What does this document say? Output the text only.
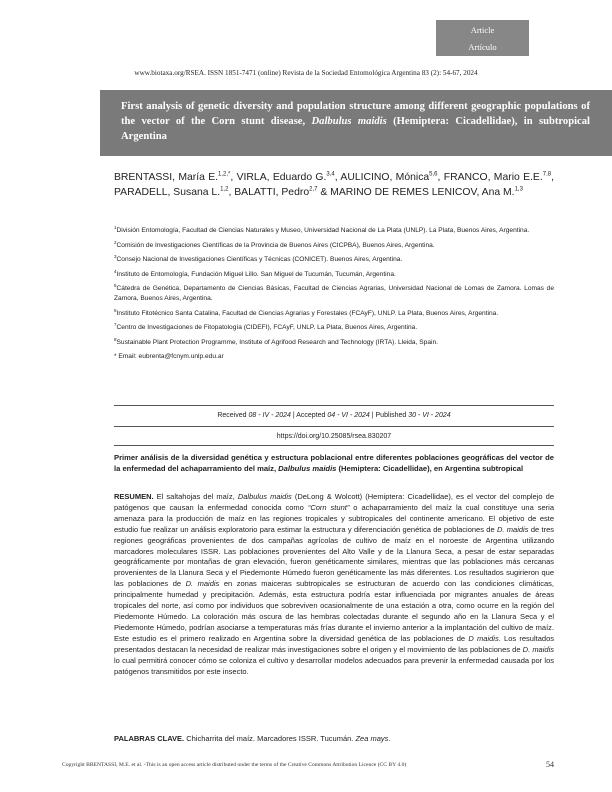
Article
Artículo
www.biotaxa.org/RSEA. ISSN 1851-7471 (online) Revista de la Sociedad Entomológica Argentina 83 (2): 54-67, 2024
First analysis of genetic diversity and population structure among different geographic populations of the vector of the Corn stunt disease, Dalbulus maidis (Hemiptera: Cicadellidae), in subtropical Argentina
BRENTASSI, María E.$^{1,2,*}$, VIRLA, Eduardo G.$^{3,4}$, AULICINO, Mónica$^{5,6}$, FRANCO, Mario E.E.$^{7,8}$, PARADELL, Susana L.$^{1,2}$, BALATTI, Pedro$^{2,7}$ & MARINO DE REMES LENICOV, Ana M.$^{1,3}$
$^1$División Entomología, Facultad de Ciencias Naturales y Museo, Universidad Nacional de La Plata (UNLP). La Plata, Buenos Aires, Argentina.
$^2$Comisión de Investigaciones Científicas de la Provincia de Buenos Aires (CICPBA), Buenos Aires, Argentina.
$^3$Consejo Nacional de Investigaciones Científicas y Técnicas (CONICET). Buenos Aires, Argentina.
$^4$Instituto de Entomología, Fundación Miguel Lillo. San Miguel de Tucumán, Tucumán, Argentina.
$^5$Cátedra de Genética, Departamento de Ciencias Básicas, Facultad de Ciencias Agrarias, Universidad Nacional de Lomas de Zamora. Lomas de Zamora, Buenos Aires, Argentina.
$^6$Instituto Fitotécnico Santa Catalina, Facultad de Ciencias Agrarias y Forestales (FCAyF), UNLP. La Plata, Buenos Aires, Argentina.
$^7$Centro de Investigaciones de Fitopatología (CIDEFI), FCAyF, UNLP. La Plata, Buenos Aires, Argentina.
$^8$Sustainable Plant Protection Programme, Institute of Agrifood Research and Technology (IRTA). Lleida, Spain.
* Email: eubrenta@fcnym.unlp.edu.ar
Received 08 - IV - 2024 | Accepted 04 - VI - 2024 | Published 30 - VI - 2024
https://doi.org/10.25085/rsea.830207
Primer análisis de la diversidad genética y estructura poblacional entre diferentes poblaciones geográficas del vector de la enfermedad del achaparramiento del maíz, Dalbulus maidis (Hemiptera: Cicadellidae), en Argentina subtropical
RESUMEN. El saltahojas del maíz, Dalbulus maidis (DeLong & Wolcott) (Hemiptera: Cicadellidae), es el vector del complejo de patógenos que causan la enfermedad conocida como “Corn stunt” o achaparramiento del maíz la cual constituye una seria amenaza para la producción de maíz en las regiones tropicales y subtropicales del continente americano. El objetivo de este estudio fue realizar un análisis exploratorio para estimar la estructura y diferenciación genética de poblaciones de D. maidis de tres regiones geográficas provenientes de dos campañas agrícolas de cultivo de maíz en el noroeste de Argentina utilizando marcadores moleculares ISSR. Las poblaciones provenientes del Alto Valle y de la Llanura Seca, a pesar de estar separadas geográficamente por montañas de gran elevación, fueron genéticamente similares, mientras que las poblaciones más cercanas provenientes de la Llanura Seca y el Piedemonte Húmedo fueron genéticamente las más diferentes. Los resultados sugirieron que las poblaciones de D. maidis en zonas maiceras subtropicales se estructuran de acuerdo con las condiciones climáticas, principalmente humedad y precipitación. Además, esta estructura podría estar influenciada por migrantes anuales de áreas tropicales del norte, así como por individuos que sobreviven ocasionalmente de una estación a otra, como ocurre en la región del Piedemonte Húmedo. La coloración más oscura de las hembras colectadas durante el segundo año en la Llanura Seca y el Piedemonte Húmedo, podrían asociarse a temperaturas más frías durante el invierno anterior a la implantación del cultivo de maíz. Este estudio es el primero realizado en Argentina sobre la diversidad genética de las poblaciones de D maidis. Los resultados presentados destacan la necesidad de realizar más investigaciones sobre el origen y el movimiento de las poblaciones de D. maidis lo cual permitirá conocer cómo se coloniza el cultivo y desarrollar modelos adecuados para prevenir la enfermedad causada por los patógenos transmitidos por este insecto.
PALABRAS CLAVE. Chicharrita del maíz. Marcadores ISSR. Tucumán. Zea mays.
Copyright BRENTASSI, M.E. et al. -This is an open access article distributed under the terms of the Creative Commons Attribution Licence (CC BY 4.0)	54
